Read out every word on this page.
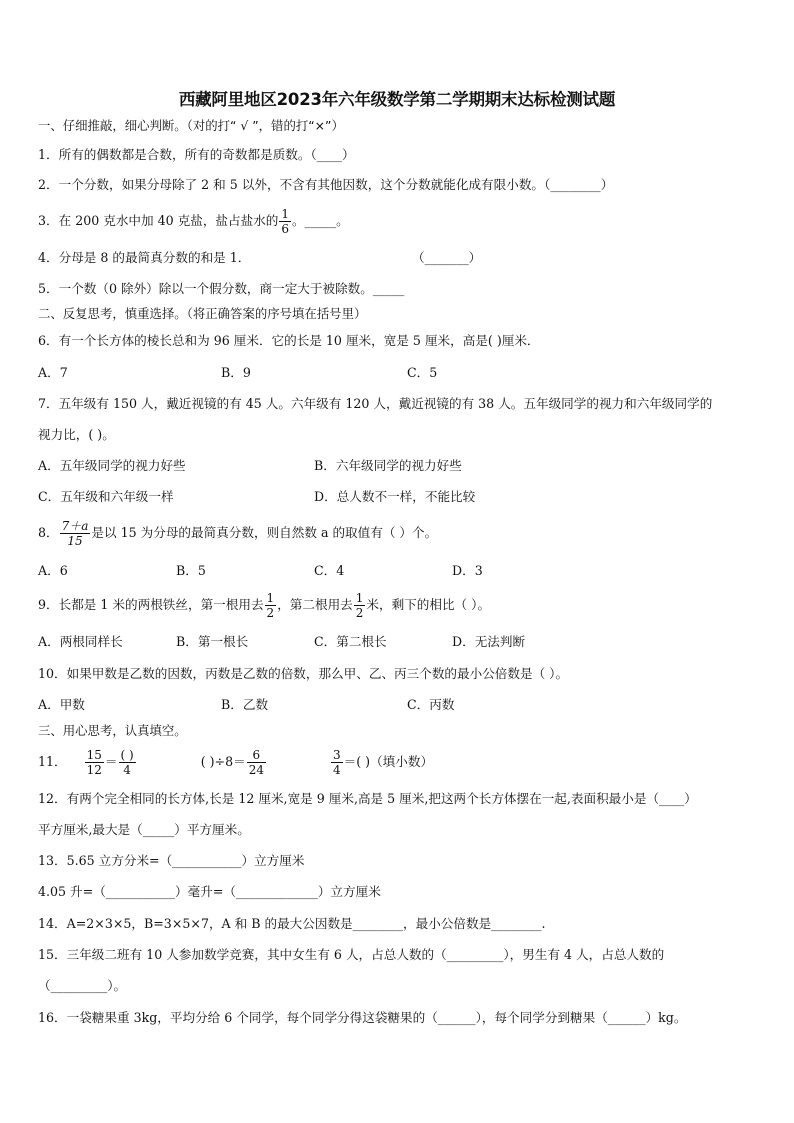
西藏阿里地区2023年六年级数学第二学期期末达标检测试题
一、仔细推敲，细心判断。（对的打“ √ ”，错的打“×”）
1．所有的偶数都是合数，所有的奇数都是质数。（____）
2．一个分数，如果分母除了 2 和 5 以外，不含有其他因数，这个分数就能化成有限小数。（________）
3．在 200 克水中加 40 克盐，盐占盐水的 $\frac{1}{6}$ 。_____。
4．分母是 8 的最简真分数的和是 1．	（_______）
5．一个数（0 除外）除以一个假分数，商一定大于被除数。_____
二、反复思考，慎重选择。（将正确答案的序号填在括号里）
6．有一个长方体的棱长总和为 96 厘米．它的长是 10 厘米，宽是 5 厘米，高是( )厘米．
A．7	B．9	C．5
7．五年级有 150 人，戴近视镜的有 45 人。六年级有 120 人，戴近视镜的有 38 人。五年级同学的视力和六年级同学的
视力比，( )。
A．五年级同学的视力好些	B．六年级同学的视力好些
C．五年级和六年级一样	D．总人数不一样，不能比较
8． $\frac{7+a}{15}$ 是以 15 为分母的最简真分数，则自然数 a 的取值有（ ）个。
A．6	B．5	C．4	D．3
9．长都是 1 米的两根铁丝，第一根用去 $\frac{1}{2}$ ，第二根用去 $\frac{1}{2}$ 米，剩下的相比（ ）。
A．两根同样长	B．第一根长	C．第二根长	D．无法判断
10．如果甲数是乙数的因数，丙数是乙数的倍数，那么甲、乙、丙三个数的最小公倍数是（ ）。
A．甲数	B．乙数	C．丙数
三、用心思考，认真填空。
11． $\frac{15}{12} = \frac{( )}{4}$	( )$\div 8= \frac{6}{24}$
	$\frac{3}{4}$ ＝( )（填小数）
12．有两个完全相同的长方体,长是 12 厘米,宽是 9 厘米,高是 5 厘米,把这两个长方体摆在一起,表面积最小是（____）
平方厘米,最大是（_____）平方厘米。
13．5.65 立方分米=（___________）立方厘米
4.05 升=（___________）毫升=（_____________）立方厘米
14．A=2×3×5，B=3×5×7，A 和 B 的最大公因数是________，最小公倍数是________.
15．三年级二班有 10 人参加数学竞赛，其中女生有 6 人，占总人数的（_________），男生有 4 人，占总人数的
（_________）。
16．一袋糖果重 3kg，平均分给 6 个同学，每个同学分得这袋糖果的（______），每个同学分到糖果（______）kg。
